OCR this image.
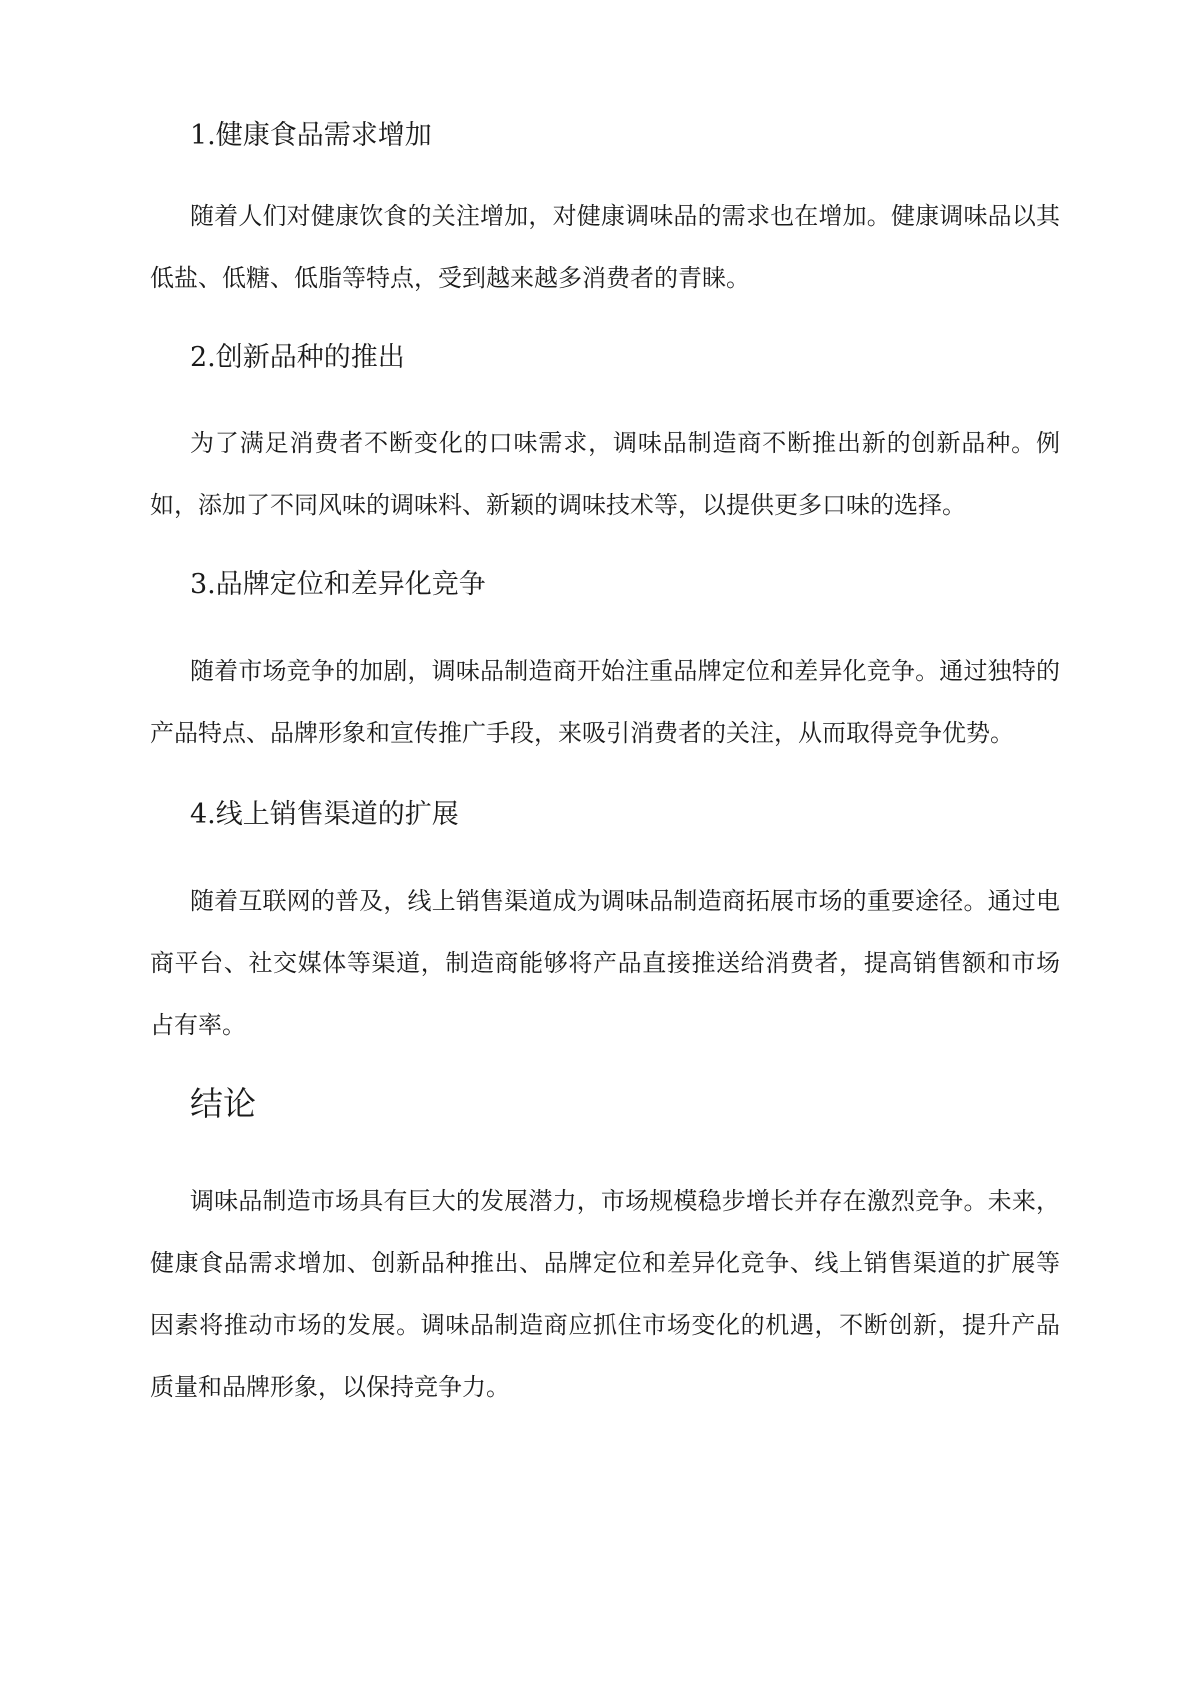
1.健康食品需求增加

随着人们对健康饮食的关注增加，对健康调味品的需求也在增加。健康调味品以其低盐、低糖、低脂等特点，受到越来越多消费者的青睐。

2.创新品种的推出

为了满足消费者不断变化的口味需求，调味品制造商不断推出新的创新品种。例如，添加了不同风味的调味料、新颖的调味技术等，以提供更多口味的选择。

3.品牌定位和差异化竞争

随着市场竞争的加剧，调味品制造商开始注重品牌定位和差异化竞争。通过独特的产品特点、品牌形象和宣传推广手段，来吸引消费者的关注，从而取得竞争优势。

4.线上销售渠道的扩展

随着互联网的普及，线上销售渠道成为调味品制造商拓展市场的重要途径。通过电商平台、社交媒体等渠道，制造商能够将产品直接推送给消费者，提高销售额和市场占有率。

结论

调味品制造市场具有巨大的发展潜力，市场规模稳步增长并存在激烈竞争。未来，健康食品需求增加、创新品种推出、品牌定位和差异化竞争、线上销售渠道的扩展等因素将推动市场的发展。调味品制造商应抓住市场变化的机遇，不断创新，提升产品质量和品牌形象，以保持竞争力。
